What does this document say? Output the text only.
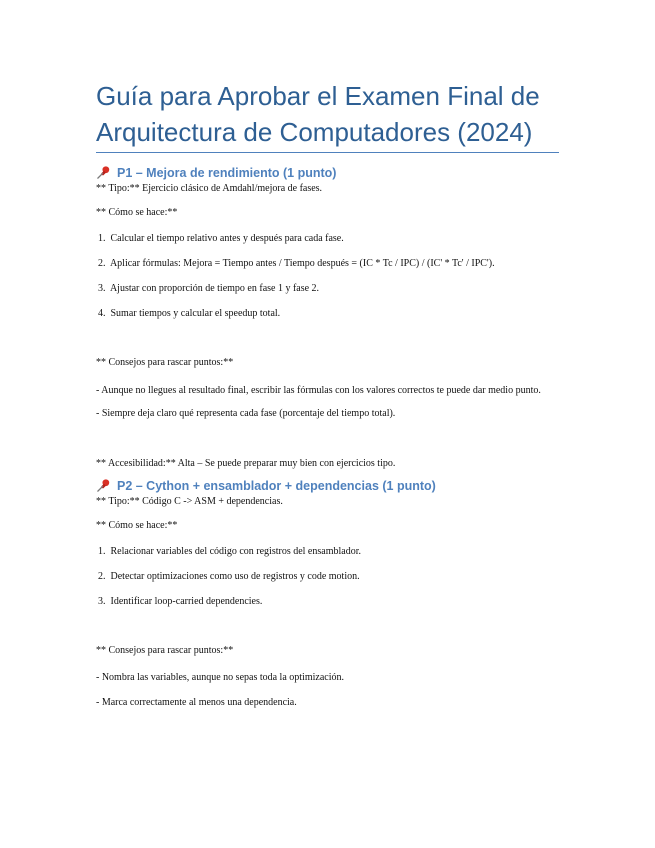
Guía para Aprobar el Examen Final de Arquitectura de Computadores (2024)
P1 – Mejora de rendimiento (1 punto)

** Tipo:** Ejercicio clásico de Amdahl/mejora de fases.

** Cómo se hace:**

1. Calcular el tiempo relativo antes y después para cada fase.

2. Aplicar fórmulas: Mejora = Tiempo antes / Tiempo después = (IC * Tc / IPC) / (IC' * Tc' / IPC').

3. Ajustar con proporción de tiempo en fase 1 y fase 2.

4. Sumar tiempos y calcular el speedup total.

** Consejos para rascar puntos:**

- Aunque no llegues al resultado final, escribir las fórmulas con los valores correctos te puede dar medio punto.

- Siempre deja claro qué representa cada fase (porcentaje del tiempo total).

** Accesibilidad:** Alta – Se puede preparar muy bien con ejercicios tipo.

P2 – Cython + ensamblador + dependencias (1 punto)

** Tipo:** Código C -> ASM + dependencias.

** Cómo se hace:**

1. Relacionar variables del código con registros del ensamblador.

2. Detectar optimizaciones como uso de registros y code motion.

3. Identificar loop-carried dependencies.

** Consejos para rascar puntos:**

- Nombra las variables, aunque no sepas toda la optimización.

- Marca correctamente al menos una dependencia.
